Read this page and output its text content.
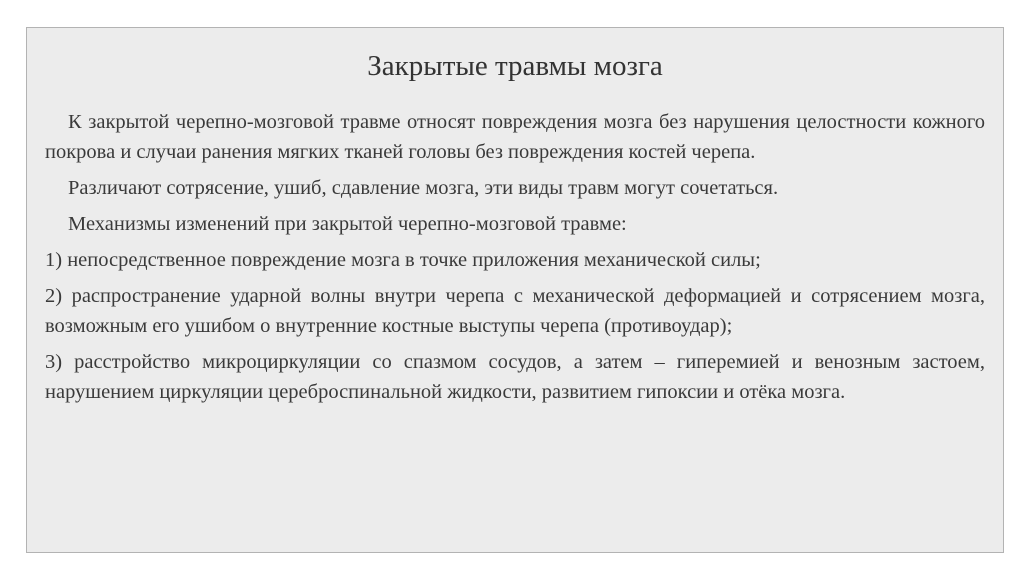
Закрытые травмы мозга

К закрытой черепно-мозговой травме относят повреждения мозга без нарушения целостности кожного покрова и случаи ранения мягких тканей головы без повреждения костей черепа.

Различают сотрясение, ушиб, сдавление мозга, эти виды травм могут сочетаться.

Механизмы изменений при закрытой черепно-мозговой травме:

1) непосредственное повреждение мозга в точке приложения механической силы;

2) распространение ударной волны внутри черепа с механической деформацией и сотрясением мозга, возможным его ушибом о внутренние костные выступы черепа (противоудар);

3) расстройство микроциркуляции со спазмом сосудов, а затем – гиперемией и венозным застоем, нарушением циркуляции цереброспинальной жидкости, развитием гипоксии и отёка мозга.
